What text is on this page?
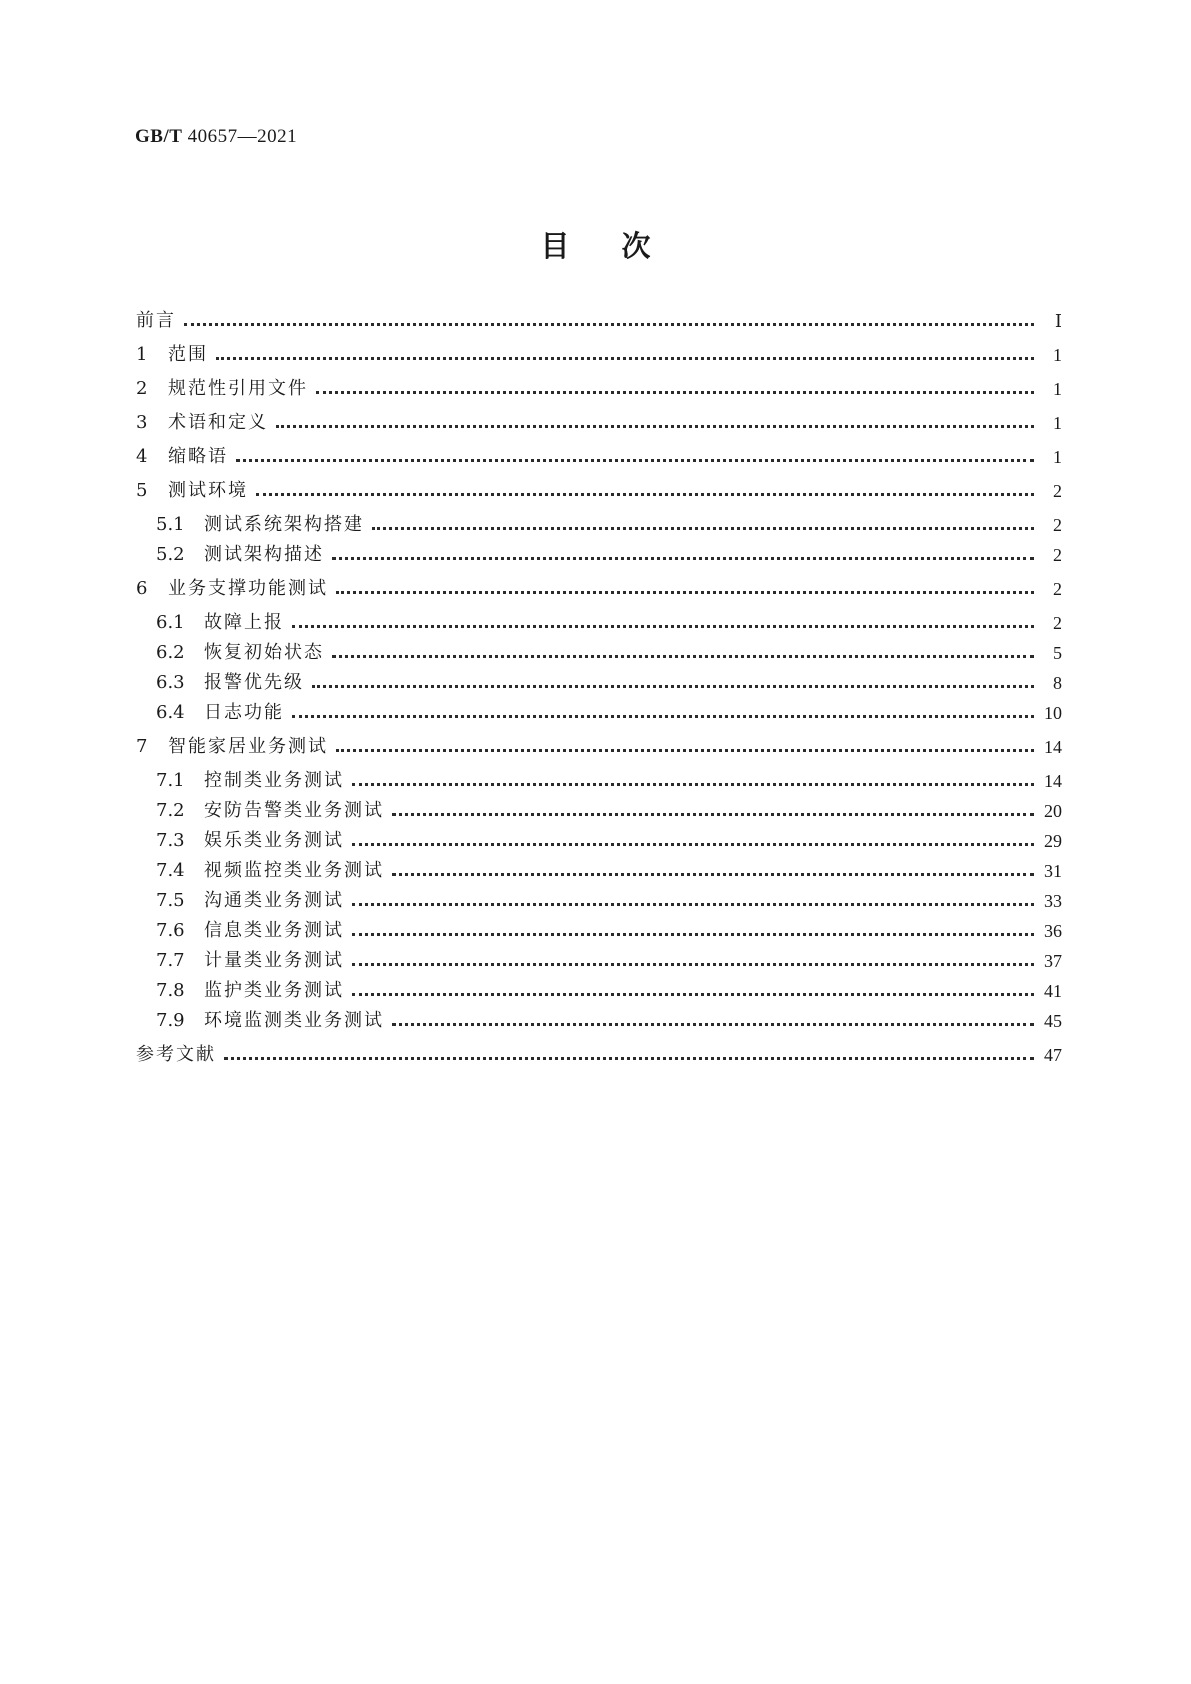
GB/T 40657—2021
目次
前言	Ⅰ
1	范围	1
2	规范性引用文件	1
3	术语和定义	1
4	缩略语	1
5	测试环境	2
5.1	测试系统架构搭建	2
5.2	测试架构描述	2
6	业务支撑功能测试	2
6.1	故障上报	2
6.2	恢复初始状态	5
6.3	报警优先级	8
6.4	日志功能	10
7	智能家居业务测试	14
7.1	控制类业务测试	14
7.2	安防告警类业务测试	20
7.3	娱乐类业务测试	29
7.4	视频监控类业务测试	31
7.5	沟通类业务测试	33
7.6	信息类业务测试	36
7.7	计量类业务测试	37
7.8	监护类业务测试	41
7.9	环境监测类业务测试	45
参考文献	47
